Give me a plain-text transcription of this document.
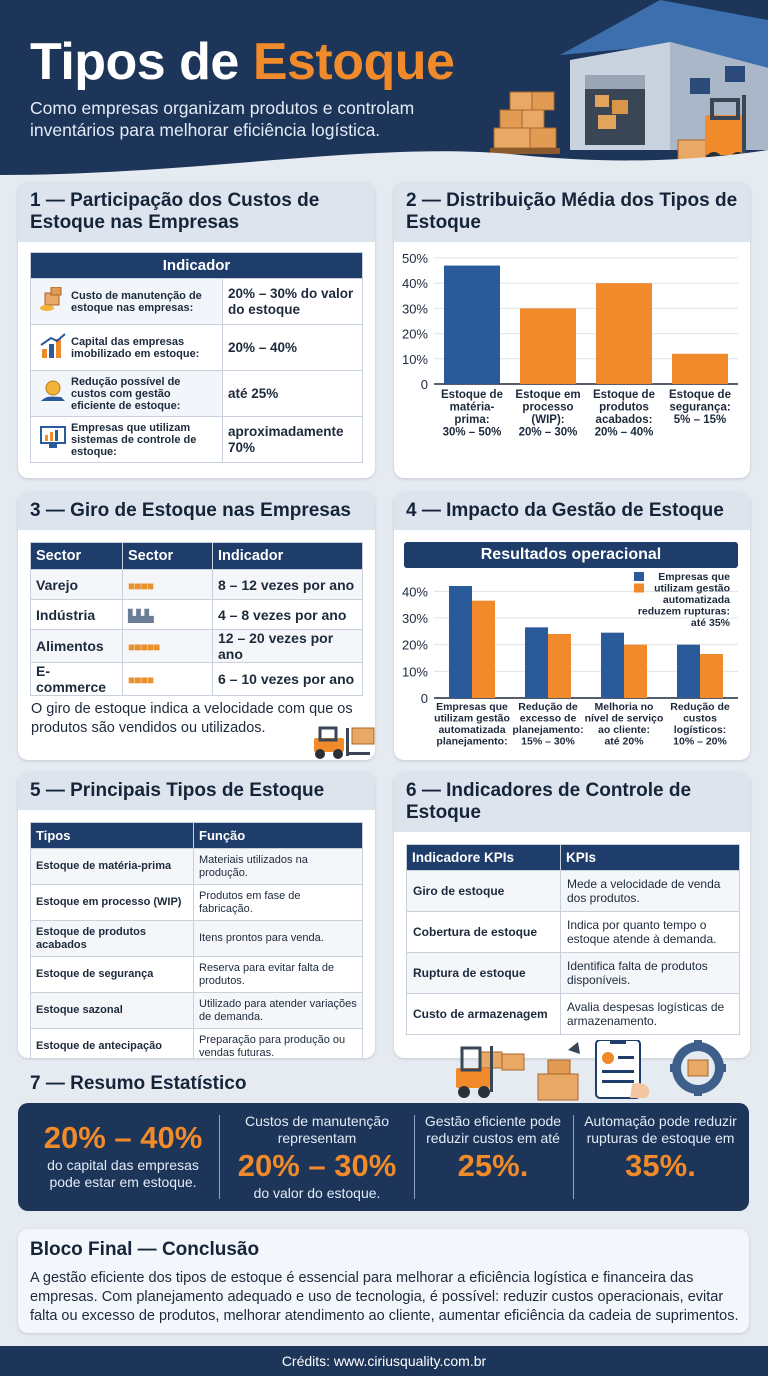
Tipos de Estoque
Como empresas organizam produtos e controlam inventários para melhorar eficiência logística.
1 — Participação dos Custos de Estoque nas Empresas
Indicador	
Custo de manutenção de estoque nas empresas:	20% – 30% do valor do estoque
Capital das empresas imobilizado em estoque:	20% – 40%
Redução possível de custos com gestão eficiente de estoque:	até 25%
Empresas que utilizam sistemas de controle de estoque:	aproximadamente 70%
2 — Distribuição Média dos Tipos de Estoque
0
10%
20%
30%
40%
50%
Estoque de
matéria-
prima:
30% – 50%
Estoque em
processo
(WIP):
20% – 30%
Estoque de
produtos
acabados:
20% – 40%
Estoque de
segurança:
5% – 15%
3 — Giro de Estoque nas Empresas
Sector	Sector	Indicador
Varejo	■■■■	8 – 12 vezes por ano
Indústria	▙▙▙	4 – 8 vezes por ano
Alimentos	■■■■■	12 – 20 vezes por ano
E-commerce	■■■■	6 – 10 vezes por ano
O giro de estoque indica a velocidade com que os produtos são vendidos ou utilizados.
4 — Impacto da Gestão de Estoque
Resultados operacional
0
10%
20%
30%
40%
Empresas que
utilizam gestão
automatizada
planejamento:
Redução de
excesso de
planejamento:
15% – 30%
Melhoria no
nível de serviço
ao cliente:
até 20%
Redução de
custos
logísticos:
10% – 20%
Empresas que
utilizam gestão
automatizada
reduzem rupturas:
até 35%
5 — Principais Tipos de Estoque
Tipos	Função
Estoque de matéria-prima	Materiais utilizados na produção.
Estoque em processo (WIP)	Produtos em fase de fabricação.
Estoque de produtos acabados	Itens prontos para venda.
Estoque de segurança	Reserva para evitar falta de produtos.
Estoque sazonal	Utilizado para atender variações de demanda.
Estoque de antecipação	Preparação para produção ou vendas futuras.
6 — Indicadores de Controle de Estoque
Indicadore KPIs	KPIs
Giro de estoque	Mede a velocidade de venda dos produtos.
Cobertura de estoque	Indica por quanto tempo o estoque atende à demanda.
Ruptura de estoque	Identifica falta de produtos disponíveis.
Custo de armazenagem	Avalia despesas logísticas de armazenamento.
7 — Resumo Estatístico
20% – 40%
do capital das empresas pode estar em estoque.
Custos de manutenção representam
20% – 30%
do valor do estoque.
Gestão eficiente pode reduzir custos em até
25%.
Automação pode reduzir rupturas de estoque em
35%.
Bloco Final — Conclusão
A gestão eficiente dos tipos de estoque é essencial para melhorar a eficiência logística e financeira das empresas. Com planejamento adequado e uso de tecnologia, é possível: reduzir custos operacionais, evitar falta ou excesso de produtos, melhorar atendimento ao cliente, aumentar eficiência da cadeia de suprimentos.
Crédits: www.ciriusquality.com.br
